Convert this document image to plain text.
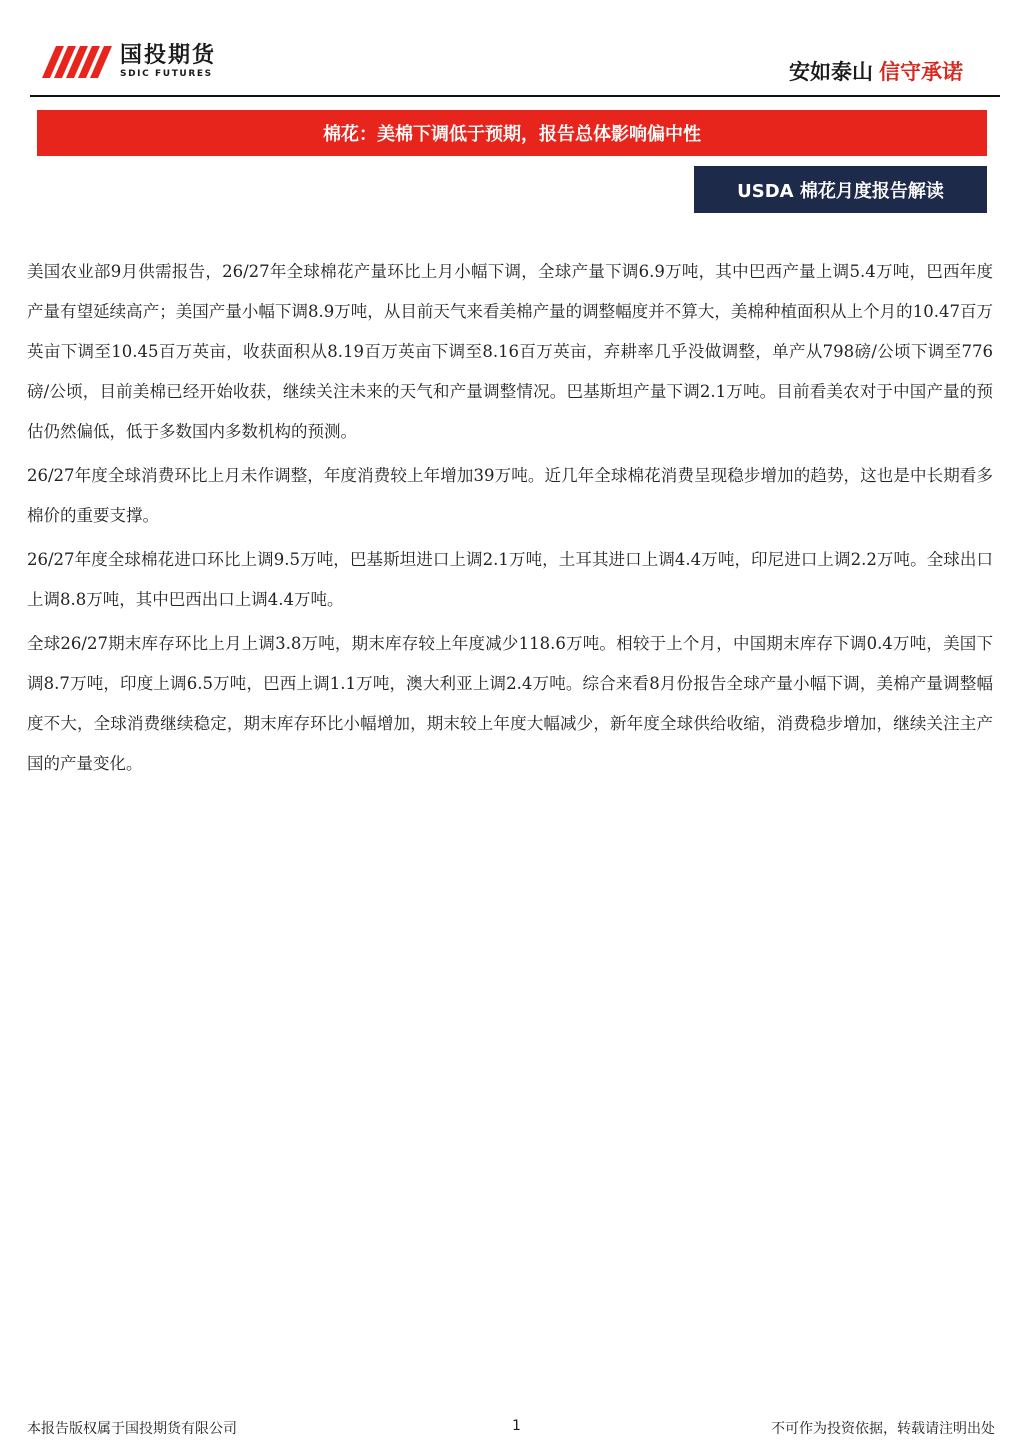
国投期货
SDIC FUTURES	安如泰山 信守承诺
棉花：美棉下调低于预期，报告总体影响偏中性
USDA 棉花月度报告解读

美国农业部9月供需报告，26/27年全球棉花产量环比上月小幅下调，全球产量下调6.9万吨，其中巴西产量上调5.4万吨，巴西年度产量有望延续高产；美国产量小幅下调8.9万吨，从目前天气来看美棉产量的调整幅度并不算大，美棉种植面积从上个月的10.47百万英亩下调至10.45百万英亩，收获面积从8.19百万英亩下调至8.16百万英亩，弃耕率几乎没做调整，单产从798磅/公顷下调至776磅/公顷，目前美棉已经开始收获，继续关注未来的天气和产量调整情况。巴基斯坦产量下调2.1万吨。目前看美农对于中国产量的预估仍然偏低，低于多数国内多数机构的预测。

26/27年度全球消费环比上月未作调整，年度消费较上年增加39万吨。近几年全球棉花消费呈现稳步增加的趋势，这也是中长期看多棉价的重要支撑。

26/27年度全球棉花进口环比上调9.5万吨，巴基斯坦进口上调2.1万吨，土耳其进口上调4.4万吨，印尼进口上调2.2万吨。全球出口上调8.8万吨，其中巴西出口上调4.4万吨。

全球26/27期末库存环比上月上调3.8万吨，期末库存较上年度减少118.6万吨。相较于上个月，中国期末库存下调0.4万吨，美国下调8.7万吨，印度上调6.5万吨，巴西上调1.1万吨，澳大利亚上调2.4万吨。综合来看8月份报告全球产量小幅下调，美棉产量调整幅度不大，全球消费继续稳定，期末库存环比小幅增加，期末较上年度大幅减少，新年度全球供给收缩，消费稳步增加，继续关注主产国的产量变化。

本报告版权属于国投期货有限公司	1	不可作为投资依据，转载请注明出处
